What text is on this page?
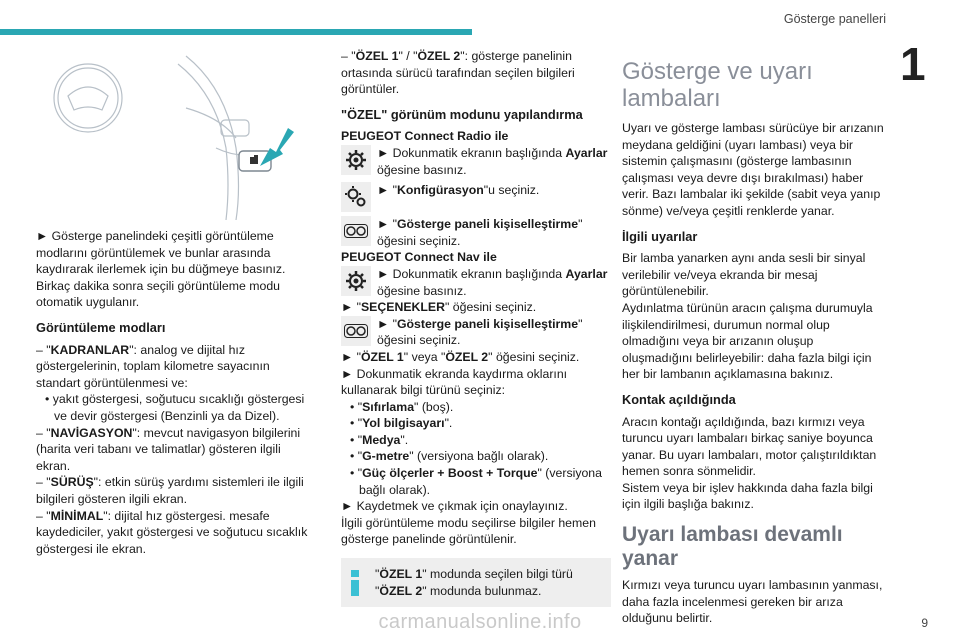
Gösterge panelleri
1

► Gösterge panelindeki çeşitli görüntüleme modlarını görüntülemek ve bunlar arasında kaydırarak ilerlemek için bu düğmeye basınız. Birkaç dakika sonra seçili görüntüleme modu otomatik uygulanır.

Görüntüleme modları

– "KADRANLAR": analog ve dijital hız göstergelerinin, toplam kilometre sayacının standart görüntülenmesi ve:

• yakıt göstergesi, soğutucu sıcaklığı göstergesi ve devir göstergesi (Benzinli ya da Dizel).

– "NAVİGASYON": mevcut navigasyon bilgilerini (harita veri tabanı ve talimatlar) gösteren ilgili ekran.

– "SÜRÜŞ": etkin sürüş yardımı sistemleri ile ilgili bilgileri gösteren ilgili ekran.

– "MİNİMAL": dijital hız göstergesi. mesafe kaydediciler, yakıt göstergesi ve soğutucu sıcaklık göstergesi ile ekran.

– "ÖZEL 1" / "ÖZEL 2": gösterge panelinin ortasında sürücü tarafından seçilen bilgileri görüntüler.

"ÖZEL" görünüm modunu yapılandırma

PEUGEOT Connect Radio ile

► Dokunmatik ekranın başlığında Ayarlar öğesine basınız.

► "Konfigürasyon"u seçiniz.

► "Gösterge paneli kişiselleştirme" öğesini seçiniz.

PEUGEOT Connect Nav ile

► Dokunmatik ekranın başlığında Ayarlar öğesine basınız.

► "SEÇENEKLER" öğesini seçiniz.

► "Gösterge paneli kişiselleştirme" öğesini seçiniz.

► "ÖZEL 1" veya "ÖZEL 2" öğesini seçiniz.

► Dokunmatik ekranda kaydırma oklarını kullanarak bilgi türünü seçiniz:

• "Sıfırlama" (boş).

• "Yol bilgisayarı".

• "Medya".

• "G-metre" (versiyona bağlı olarak).

• "Güç ölçerler + Boost + Torque" (versiyona bağlı olarak).

► Kaydetmek ve çıkmak için onaylayınız.

İlgili görüntüleme modu seçilirse bilgiler hemen gösterge panelinde görüntülenir.

"ÖZEL 1" modunda seçilen bilgi türü "ÖZEL 2" modunda bulunmaz.

Gösterge ve uyarı lambaları

Uyarı ve gösterge lambası sürücüye bir arızanın meydana geldiğini (uyarı lambası) veya bir sistemin çalışmasını (gösterge lambasının çalışması veya devre dışı bırakılması) haber verir. Bazı lambalar iki şekilde (sabit veya yanıp sönme) ve/veya çeşitli renklerde yanar.

İlgili uyarılar

Bir lamba yanarken aynı anda sesli bir sinyal verilebilir ve/veya ekranda bir mesaj görüntülenebilir.

Aydınlatma türünün aracın çalışma durumuyla ilişkilendirilmesi, durumun normal olup olmadığını veya bir arızanın oluşup oluşmadığını belirleyebilir: daha fazla bilgi için her bir lambanın açıklamasına bakınız.

Kontak açıldığında

Aracın kontağı açıldığında, bazı kırmızı veya turuncu uyarı lambaları birkaç saniye boyunca yanar. Bu uyarı lambaları, motor çalıştırıldıktan hemen sonra sönmelidir.

Sistem veya bir işlev hakkında daha fazla bilgi için ilgili başlığa bakınız.

Uyarı lambası devamlı yanar

Kırmızı veya turuncu uyarı lambasının yanması, daha fazla incelenmesi gereken bir arıza olduğunu belirtir.

carmanualsonline.info	9
